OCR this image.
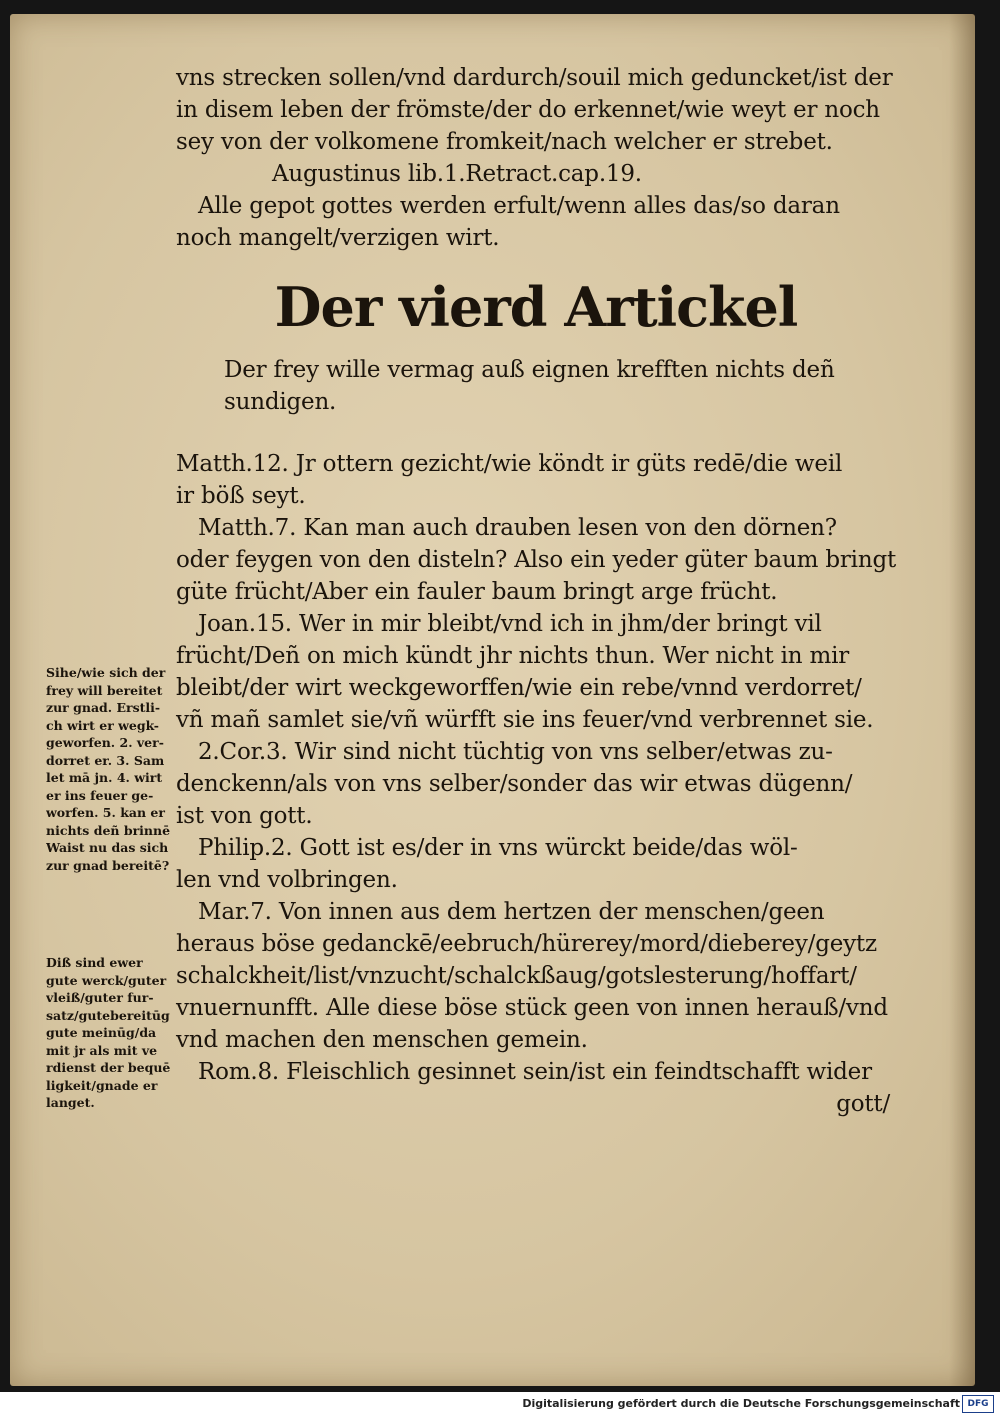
vns strecken sollen/vnd dardurch/souil mich geduncket/ist der
in disem leben der frömste/der do erkennet/wie weyt er noch
sey von der volkomene fromkeit/nach welcher er strebet.
Augustinus lib.1.Retract.cap.19.
Alle gepot gottes werden erfult/wenn alles das/so daran
noch mangelt/verzigen wirt.
Der vierd Artickel
Der frey wille vermag auß eignen krefften nichts deñ
sundigen.
Matth.12. Jr ottern gezicht/wie köndt ir güts redē/die weil
ir böß seyt.
Matth.7. Kan man auch drauben lesen von den dörnen?
oder feygen von den disteln? Also ein yeder güter baum bringt
güte frücht/Aber ein fauler baum bringt arge frücht.
Joan.15. Wer in mir bleibt/vnd ich in jhm/der bringt vil
frücht/Deñ on mich kündt jhr nichts thun. Wer nicht in mir
bleibt/der wirt weckgeworffen/wie ein rebe/vnnd verdorret/
vñ mañ samlet sie/vñ würfft sie ins feuer/vnd verbrennet sie.
2.Cor.3. Wir sind nicht tüchtig von vns selber/etwas zu-
denckenn/als von vns selber/sonder das wir etwas dügenn/
ist von gott.
Philip.2. Gott ist es/der in vns würckt beide/das wöl-
len vnd volbringen.
Mar.7. Von innen aus dem hertzen der menschen/geen
heraus böse gedanckē/eebruch/hürerey/mord/dieberey/geytz
schalckheit/list/vnzucht/schalckßaug/gotslesterung/hoffart/
vnuernunfft. Alle diese böse stück geen von innen herauß/vnd
vnd machen den menschen gemein.
Rom.8. Fleischlich gesinnet sein/ist ein feindtschafft wider
gott/
Sihe/wie sich der
frey will bereitet
zur gnad. Erstli-
ch wirt er wegk-
geworfen. 2. ver-
dorret er. 3. Sam
let mā jn. 4. wirt
er ins feuer ge-
worfen. 5. kan er
nichts deñ brinnē
Waist nu das sich
zur gnad bereitē?
Diß sind ewer
gute werck/guter
vleiß/guter fur-
satz/gutebereitūg
gute meinūg/da
mit jr als mit ve
rdienst der bequē
ligkeit/gnade er
langet.
Digitalisierung gefördert durch die Deutsche Forschungsgemeinschaft DFG
